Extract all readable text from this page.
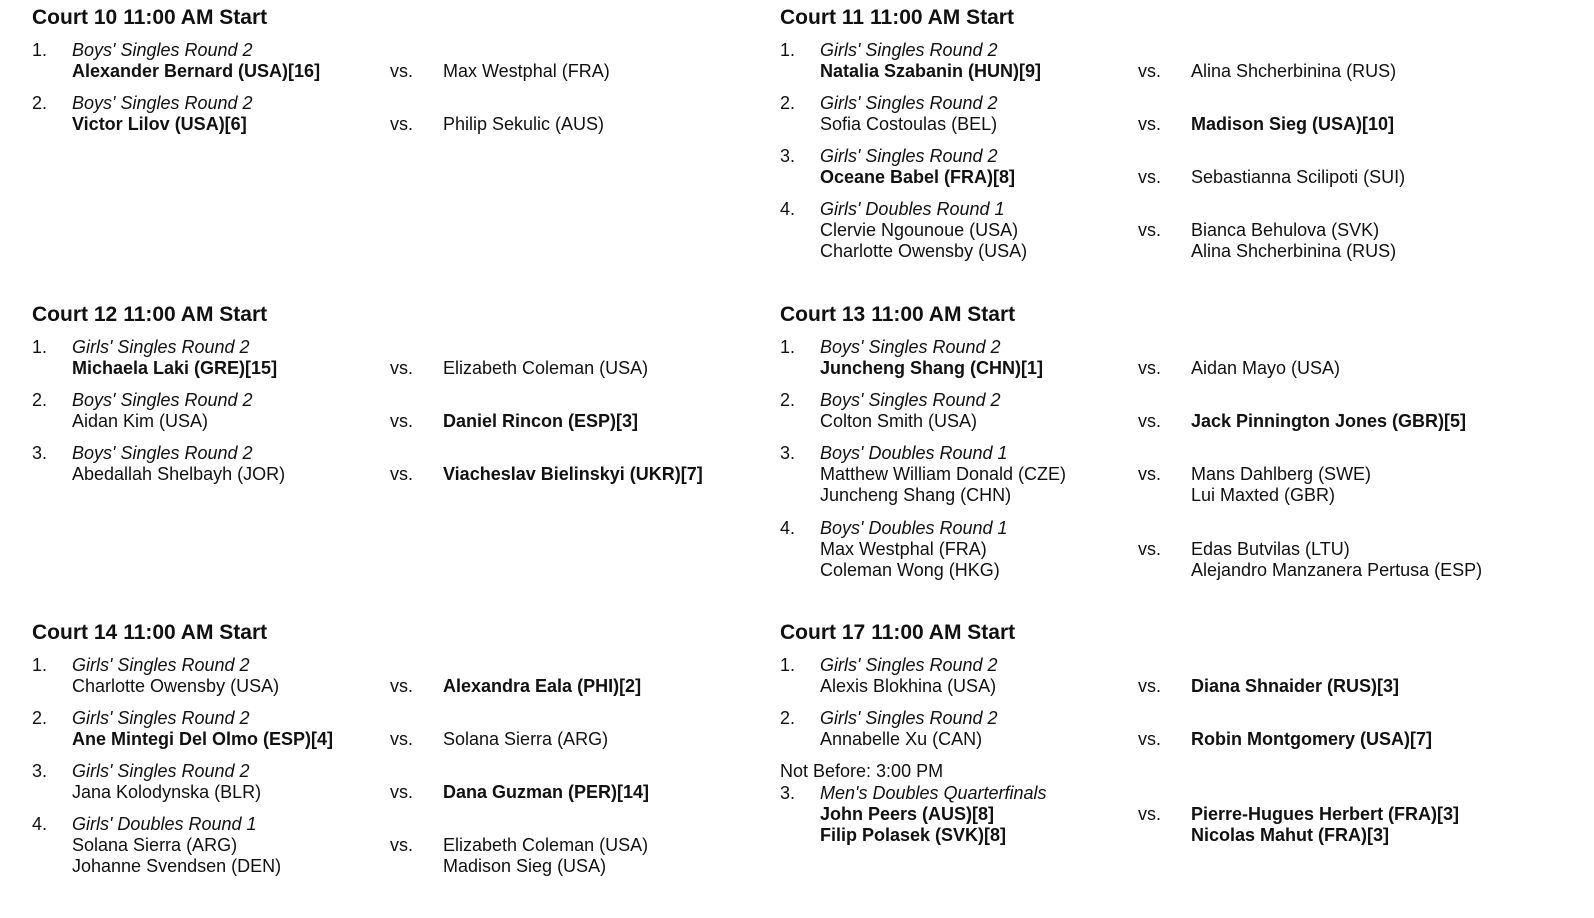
Court 10 11:00 AM Start
1. Boys' Singles Round 2
Alexander Bernard (USA)[16]	vs. Max Westphal (FRA)
2. Boys' Singles Round 2
Victor Lilov (USA)[6]	vs. Philip Sekulic (AUS)
Court 11 11:00 AM Start
1. Girls' Singles Round 2
Natalia Szabanin (HUN)[9]	vs. Alina Shcherbinina (RUS)
2. Girls' Singles Round 2
Sofia Costoulas (BEL)	vs. Madison Sieg (USA)[10]
3. Girls' Singles Round 2
Oceane Babel (FRA)[8]	vs. Sebastianna Scilipoti (SUI)
4. Girls' Doubles Round 1
Clervie Ngounoue (USA)
Charlotte Owensby (USA)
vs. Bianca Behulova (SVK)
Alina Shcherbinina (RUS)
Court 12 11:00 AM Start
1. Girls' Singles Round 2
Michaela Laki (GRE)[15]	vs. Elizabeth Coleman (USA)
2. Boys' Singles Round 2
Aidan Kim (USA)	vs. Daniel Rincon (ESP)[3]
3. Boys' Singles Round 2
Abedallah Shelbayh (JOR)	vs. Viacheslav Bielinskyi (UKR)[7]
Court 13 11:00 AM Start
1. Boys' Singles Round 2
Juncheng Shang (CHN)[1]	vs. Aidan Mayo (USA)
2. Boys' Singles Round 2
Colton Smith (USA)	vs. Jack Pinnington Jones (GBR)[5]
3. Boys' Doubles Round 1
Matthew William Donald (CZE)
Juncheng Shang (CHN)
vs. Mans Dahlberg (SWE)
Lui Maxted (GBR)
4. Boys' Doubles Round 1
Max Westphal (FRA)
Coleman Wong (HKG)
vs. Edas Butvilas (LTU)
Alejandro Manzanera Pertusa (ESP)
Court 14 11:00 AM Start
1. Girls' Singles Round 2
Charlotte Owensby (USA)	vs. Alexandra Eala (PHI)[2]
2. Girls' Singles Round 2
Ane Mintegi Del Olmo (ESP)[4]	vs. Solana Sierra (ARG)
3. Girls' Singles Round 2
Jana Kolodynska (BLR)	vs. Dana Guzman (PER)[14]
4. Girls' Doubles Round 1
Solana Sierra (ARG)
Johanne Svendsen (DEN)
vs. Elizabeth Coleman (USA)
Madison Sieg (USA)
Court 17 11:00 AM Start
1. Girls' Singles Round 2
Alexis Blokhina (USA)	vs. Diana Shnaider (RUS)[3]
2. Girls' Singles Round 2
Annabelle Xu (CAN)	vs. Robin Montgomery (USA)[7]
Not Before: 3:00 PM
3. Men's Doubles Quarterfinals
John Peers (AUS)[8]
Filip Polasek (SVK)[8]
vs. Pierre-Hugues Herbert (FRA)[3]
Nicolas Mahut (FRA)[3]
